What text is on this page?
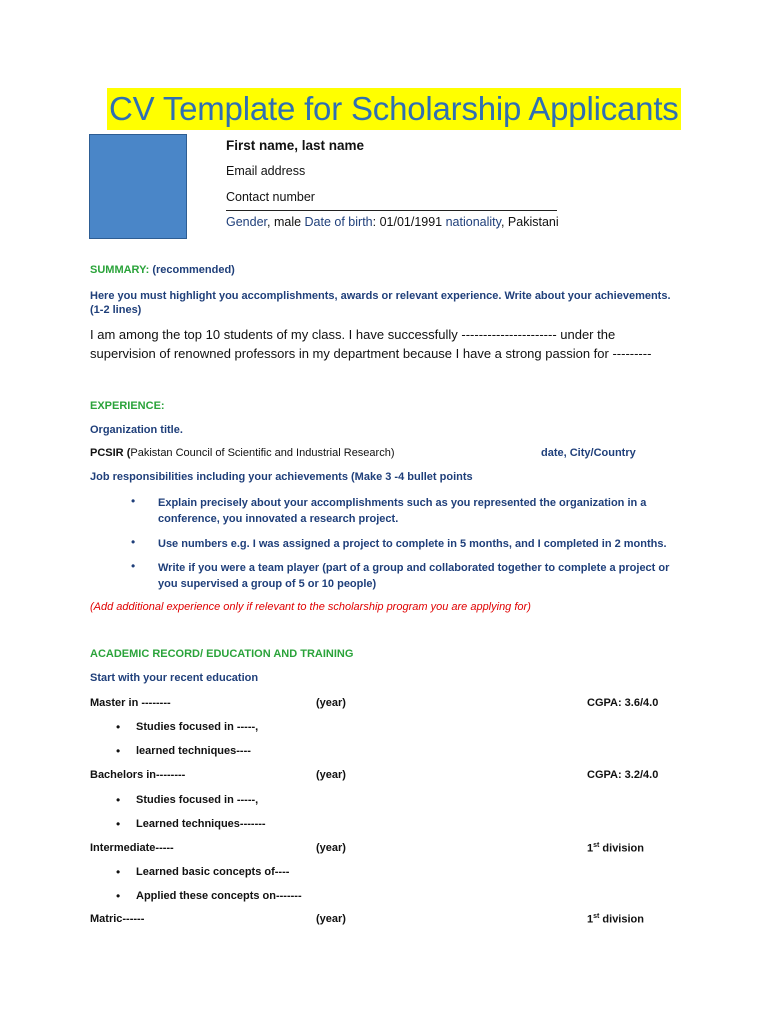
CV Template for Scholarship Applicants
First name, last name
Email address
Contact number
Gender, male Date of birth: 01/01/1991 nationality, Pakistani
SUMMARY: (recommended)
Here you must highlight you accomplishments, awards or relevant experience. Write about your achievements. (1-2 lines)
I am among the top 10 students of my class. I have successfully ---------------------- under the supervision of renowned professors in my department because I have a strong passion for ---------
EXPERIENCE:
Organization title.
PCSIR (Pakistan Council of Scientific and Industrial Research)	date, City/Country
Job responsibilities including your achievements (Make 3 -4 bullet points
• Explain precisely about your accomplishments such as you represented the organization in a conference, you innovated a research project.
• Use numbers e.g. I was assigned a project to complete in 5 months, and I completed in 2 months.
• Write if you were a team player (part of a group and collaborated together to complete a project or you supervised a group of 5 or 10 people)
(Add additional experience only if relevant to the scholarship program you are applying for)
ACADEMIC RECORD/ EDUCATION AND TRAINING
Start with your recent education
Master in --------	(year)	CGPA: 3.6/4.0
• Studies focused in -----,
• learned techniques----
Bachelors in--------	(year)	CGPA: 3.2/4.0
• Studies focused in -----,
• Learned techniques-------
Intermediate-----	(year)	1st division
• Learned basic concepts of----
• Applied these concepts on-------
Matric------	(year)	1st division
